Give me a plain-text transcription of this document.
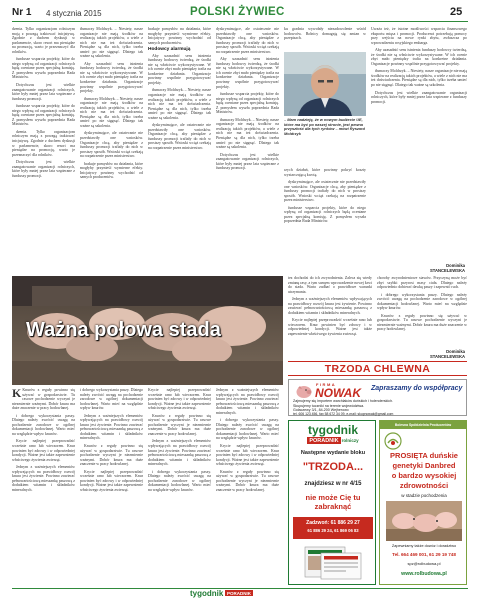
Nr 1 4 stycznia 2015	POLSKI ŻYWIEC	25

dzenia. Tylko organizacjom rolniczym mają z powagą traktować inicjatywę. Zgodnie z duchem dyskusji w parlamencie, skoro resort ma pieniądze na promocję, warto je przeznaczyć dla rolników.

fundusze wsparcia projekty, które do niego wpłyną od organizacji rolniczych będą oceniane przez specjalną komisję. Z pomysłem wyszła poprzednia Rada Ministrów.

Dotychczas jest wielkie zaangażowanie organizacji rolniczych, które były mniej przez lata wspierane z funduszy promocji.

fundusze wsparcia projekty, które do niego wpłyną od organizacji rolniczych będą oceniane przez specjalną komisję. Z pomysłem wyszła poprzednia Rada Ministrów.

dzenia. Tylko organizacjom rolniczym mają z powagą traktować inicjatywę. Zgodnie z duchem dyskusji w parlamencie, skoro resort ma pieniądze na promocję, warto je przeznaczyć dla rolników.

Dotychczas jest wielkie zaangażowanie organizacji rolniczych, które były mniej przez lata wspierane z funduszy promocji.

tłumaczy Moldrzyk. – Niestety, nasze organizacje nie mają środków na realizację takich projektów, a wiele z nich nie ma też doświadczenia. Pieniądze są dla nich, tylko trzeba umieć po nie sięgnąć. Dlatego tak ważne są szkolenia.

Aby uzasadnić sens istnienia funduszy hodowcy twierdzą, że środki nie są właściwie wykorzystywane. W ich ocenie zbyt mało pieniędzy trafia na konkretne działania. Organizacje powinny wspólnie przygotowywać projekty.

tłumaczy Moldrzyk. – Niestety, nasze organizacje nie mają środków na realizację takich projektów, a wiele z nich nie ma też doświadczenia. Pieniądze są dla nich, tylko trzeba umieć po nie sięgnąć. Dlatego tak ważne są szkolenia.

dyskryminujące, ale ostatecznie nie przedstawiły one wniosków. Organizacje chcą, aby pieniądze z funduszy promocji trafiały do nich w prostszy sposób. Wnioski wciąż czekają na rozpatrzenie przez ministerstwo.

brakuje pomysłów na działania, które mogłyby przynieść wymierne efekty. Inicjatywy powinny wychodzić od samych producentów.

brakuje pomysłów na działania, które mogłyby przynieść wymierne efekty. Inicjatywy powinny wychodzić od samych producentów.

Hodowcy alarmują

Aby uzasadnić sens istnienia funduszy hodowcy twierdzą, że środki nie są właściwie wykorzystywane. W ich ocenie zbyt mało pieniędzy trafia na konkretne działania. Organizacje powinny wspólnie przygotowywać projekty.

tłumaczy Moldrzyk. – Niestety, nasze organizacje nie mają środków na realizację takich projektów, a wiele z nich nie ma też doświadczenia. Pieniądze są dla nich, tylko trzeba umieć po nie sięgnąć. Dlatego tak ważne są szkolenia.

dyskryminujące, ale ostatecznie nie przedstawiły one wniosków. Organizacje chcą, aby pieniądze z funduszy promocji trafiały do nich w prostszy sposób. Wnioski wciąż czekają na rozpatrzenie przez ministerstwo.

dyskryminujące, ale ostatecznie nie przedstawiły one wniosków. Organizacje chcą, aby pieniądze z funduszy promocji trafiały do nich w prostszy sposób. Wnioski wciąż czekają na rozpatrzenie przez ministerstwo.

Aby uzasadnić sens istnienia funduszy hodowcy twierdzą, że środki nie są właściwie wykorzystywane. W ich ocenie zbyt mało pieniędzy trafia na konkretne działania. Organizacje powinny wspólnie przygotowywać projekty.

fundusze wsparcia projekty, które do niego wpłyną od organizacji rolniczych będą oceniane przez specjalną komisję. Z pomysłem wyszła poprzednia Rada Ministrów.

tłumaczy Moldrzyk. – Niestety, nasze organizacje nie mają środków na realizację takich projektów, a wiele z nich nie ma też doświadczenia. Pieniądze są dla nich, tylko trzeba umieć po nie sięgnąć. Dlatego tak ważne są szkolenia.

Dotychczas jest wielkie zaangażowanie organizacji rolniczych, które były mniej przez lata wspierane z funduszy promocji.

ku gradnia wywołały niezadowolenie wśród hodowców. Rolnicy domagają się zmian w przepisach.

– Mam nadzieję, że w nowym budżecie UE, które ma być po naszej stronie, jest pewna przyszłość dla tych rynków – mówi Ryszard Moldrzyk

rzych działań, które powinny pokryć koszty wystarczającą kwotą.

dyskryminujące, ale ostatecznie nie przedstawiły one wniosków. Organizacje chcą, aby pieniądze z funduszy promocji trafiały do nich w prostszy sposób. Wnioski wciąż czekają na rozpatrzenie przez ministerstwo.

fundusze wsparcia projekty, które do niego wpłyną od organizacji rolniczych będą oceniane przez specjalną komisję. Z pomysłem wyszła poprzednia Rada Ministrów.

Uważa też, że istotne możliwości wsparcia finansowego eksportu mięsa i promocji. Producenci potrzebują pomocy przy wejściu na nowe rynki zbytu, zwłaszcza po wprowadzeniu rosyjskiego embarga.

Aby uzasadnić sens istnienia funduszy hodowcy twierdzą, że środki nie są właściwie wykorzystywane. W ich ocenie zbyt mało pieniędzy trafia na konkretne działania. Organizacje powinny wspólnie przygotowywać projekty.

tłumaczy Moldrzyk. – Niestety, nasze organizacje nie mają środków na realizację takich projektów, a wiele z nich nie ma też doświadczenia. Pieniądze są dla nich, tylko trzeba umieć po nie sięgnąć. Dlatego tak ważne są szkolenia.

Dotychczas jest wielkie zaangażowanie organizacji rolniczych, które były mniej przez lata wspierane z funduszy promocji.

Dominika
STANCELEWSKA
Ważna połowa stada

K Knurów z reguły powinno się używać w gospodarstwie. Tu rasowe pochodzenie wyczyni je niezmiernie ważnymi. Dobór knura ma duże znaczenie w pracy hodowlanej.

i dobrego wykorzystania paszy. Dlatego należy zwrócić uwagę na pochodzenie zarodowe w ogólnej dokumentacji hodowlanej. Warto mieć na względzie wpływ knurów.

Krycie najlepiej przeprowadzić wcześnie rano lub wieczorem. Knur powinien być zdrowy i w odpowiedniej kondycji. Ważne jest także zapewnienie właściwego żywienia zwierząt.

Jednym z ważniejszych elementów wpływających na prawidłowy rozwój knura jest żywienie. Powinno zawierać pełnowartościową mieszankę paszową z dodatkiem witamin i składników mineralnych.

i dobrego wykorzystania paszy. Dlatego należy zwrócić uwagę na pochodzenie zarodowe w ogólnej dokumentacji hodowlanej. Warto mieć na względzie wpływ knurów.

Jednym z ważniejszych elementów wpływających na prawidłowy rozwój knura jest żywienie. Powinno zawierać pełnowartościową mieszankę paszową z dodatkiem witamin i składników mineralnych.

Knurów z reguły powinno się używać w gospodarstwie. Tu rasowe pochodzenie wyczyni je niezmiernie ważnymi. Dobór knura ma duże znaczenie w pracy hodowlanej.

Krycie najlepiej przeprowadzić wcześnie rano lub wieczorem. Knur powinien być zdrowy i w odpowiedniej kondycji. Ważne jest także zapewnienie właściwego żywienia zwierząt.

Krycie najlepiej przeprowadzić wcześnie rano lub wieczorem. Knur powinien być zdrowy i w odpowiedniej kondycji. Ważne jest także zapewnienie właściwego żywienia zwierząt.

Knurów z reguły powinno się używać w gospodarstwie. Tu rasowe pochodzenie wyczyni je niezmiernie ważnymi. Dobór knura ma duże znaczenie w pracy hodowlanej.

Jednym z ważniejszych elementów wpływających na prawidłowy rozwój knura jest żywienie. Powinno zawierać pełnowartościową mieszankę paszową z dodatkiem witamin i składników mineralnych.

i dobrego wykorzystania paszy. Dlatego należy zwrócić uwagę na pochodzenie zarodowe w ogólnej dokumentacji hodowlanej. Warto mieć na względzie wpływ knurów.

Jednym z ważniejszych elementów wpływających na prawidłowy rozwój knura jest żywienie. Powinno zawierać pełnowartościową mieszankę paszową z dodatkiem witamin i składników mineralnych.

i dobrego wykorzystania paszy. Dlatego należy zwrócić uwagę na pochodzenie zarodowe w ogólnej dokumentacji hodowlanej. Warto mieć na względzie wpływ knurów.

Krycie najlepiej przeprowadzić wcześnie rano lub wieczorem. Knur powinien być zdrowy i w odpowiedniej kondycji. Ważne jest także zapewnienie właściwego żywienia zwierząt.

Knurów z reguły powinno się używać w gospodarstwie. Tu rasowe pochodzenie wyczyni je niezmiernie ważnymi. Dobór knura ma duże znaczenie w pracy hodowlanej.

tez dochodzi do ich zwyrodnienia. Zaleca się wtedy zmianę rasy, a tym samym wprowadzenie nowej krwi do stada. Warto zadbać o prawidłowe warunki utrzymania.

Jednym z ważniejszych elementów wpływających na prawidłowy rozwój knura jest żywienie. Powinno zawierać pełnowartościową mieszankę paszową z dodatkiem witamin i składników mineralnych.

Krycie najlepiej przeprowadzić wcześnie rano lub wieczorem. Knur powinien być zdrowy i w odpowiedniej kondycji. Ważne jest także zapewnienie właściwego żywienia zwierząt.

choroby zwyrodnieniowe stawów. Przyczyną może być zbyt szybki przyrost masy ciała. Dlatego należy odpowiednio dobierać dawkę paszy i zapewnić ruch.

i dobrego wykorzystania paszy. Dlatego należy zwrócić uwagę na pochodzenie zarodowe w ogólnej dokumentacji hodowlanej. Warto mieć na względzie wpływ knurów.

Knurów z reguły powinno się używać w gospodarstwie. Tu rasowe pochodzenie wyczyni je niezmiernie ważnymi. Dobór knura ma duże znaczenie w pracy hodowlanej.

Dominika
STANCELEWSKA
TRZODA CHLEWNA
FIRMA
NOWAK Zapraszamy do współpracy
Zajmujemy się importem warchlaków duńskich i holenderskich.
Skupujemy tuczniki na terenie województwa.
Gołaczewy 3/1, 84-200 Wejherowo
tel. 606 123 456, fax 58 672 34 09, e-mail: skupnowak@gmail.com
tygodnik
PORADNIK rolniczy
Następne wydanie bloku
"TRZODA...
znajdziesz w nr 4/15
nie może Cię tu zabraknąć
Zadzwoń: 61 886 29 27
61 886 29 24, 61 869 06 83
Bolesna Spółdzielnia Producentów
PROSIĘTA duńskie
genetyki Danbred
o bardzo wysokiej
zdrowotności
w stadzie pochodzenia
Zapewniamy także dowóz i doradztwo
Tel. 664 469 001, 61 29 19 748
spz@rolbudowa.pl
www.rolbudowa.pl
tygodnik PORADNIK
